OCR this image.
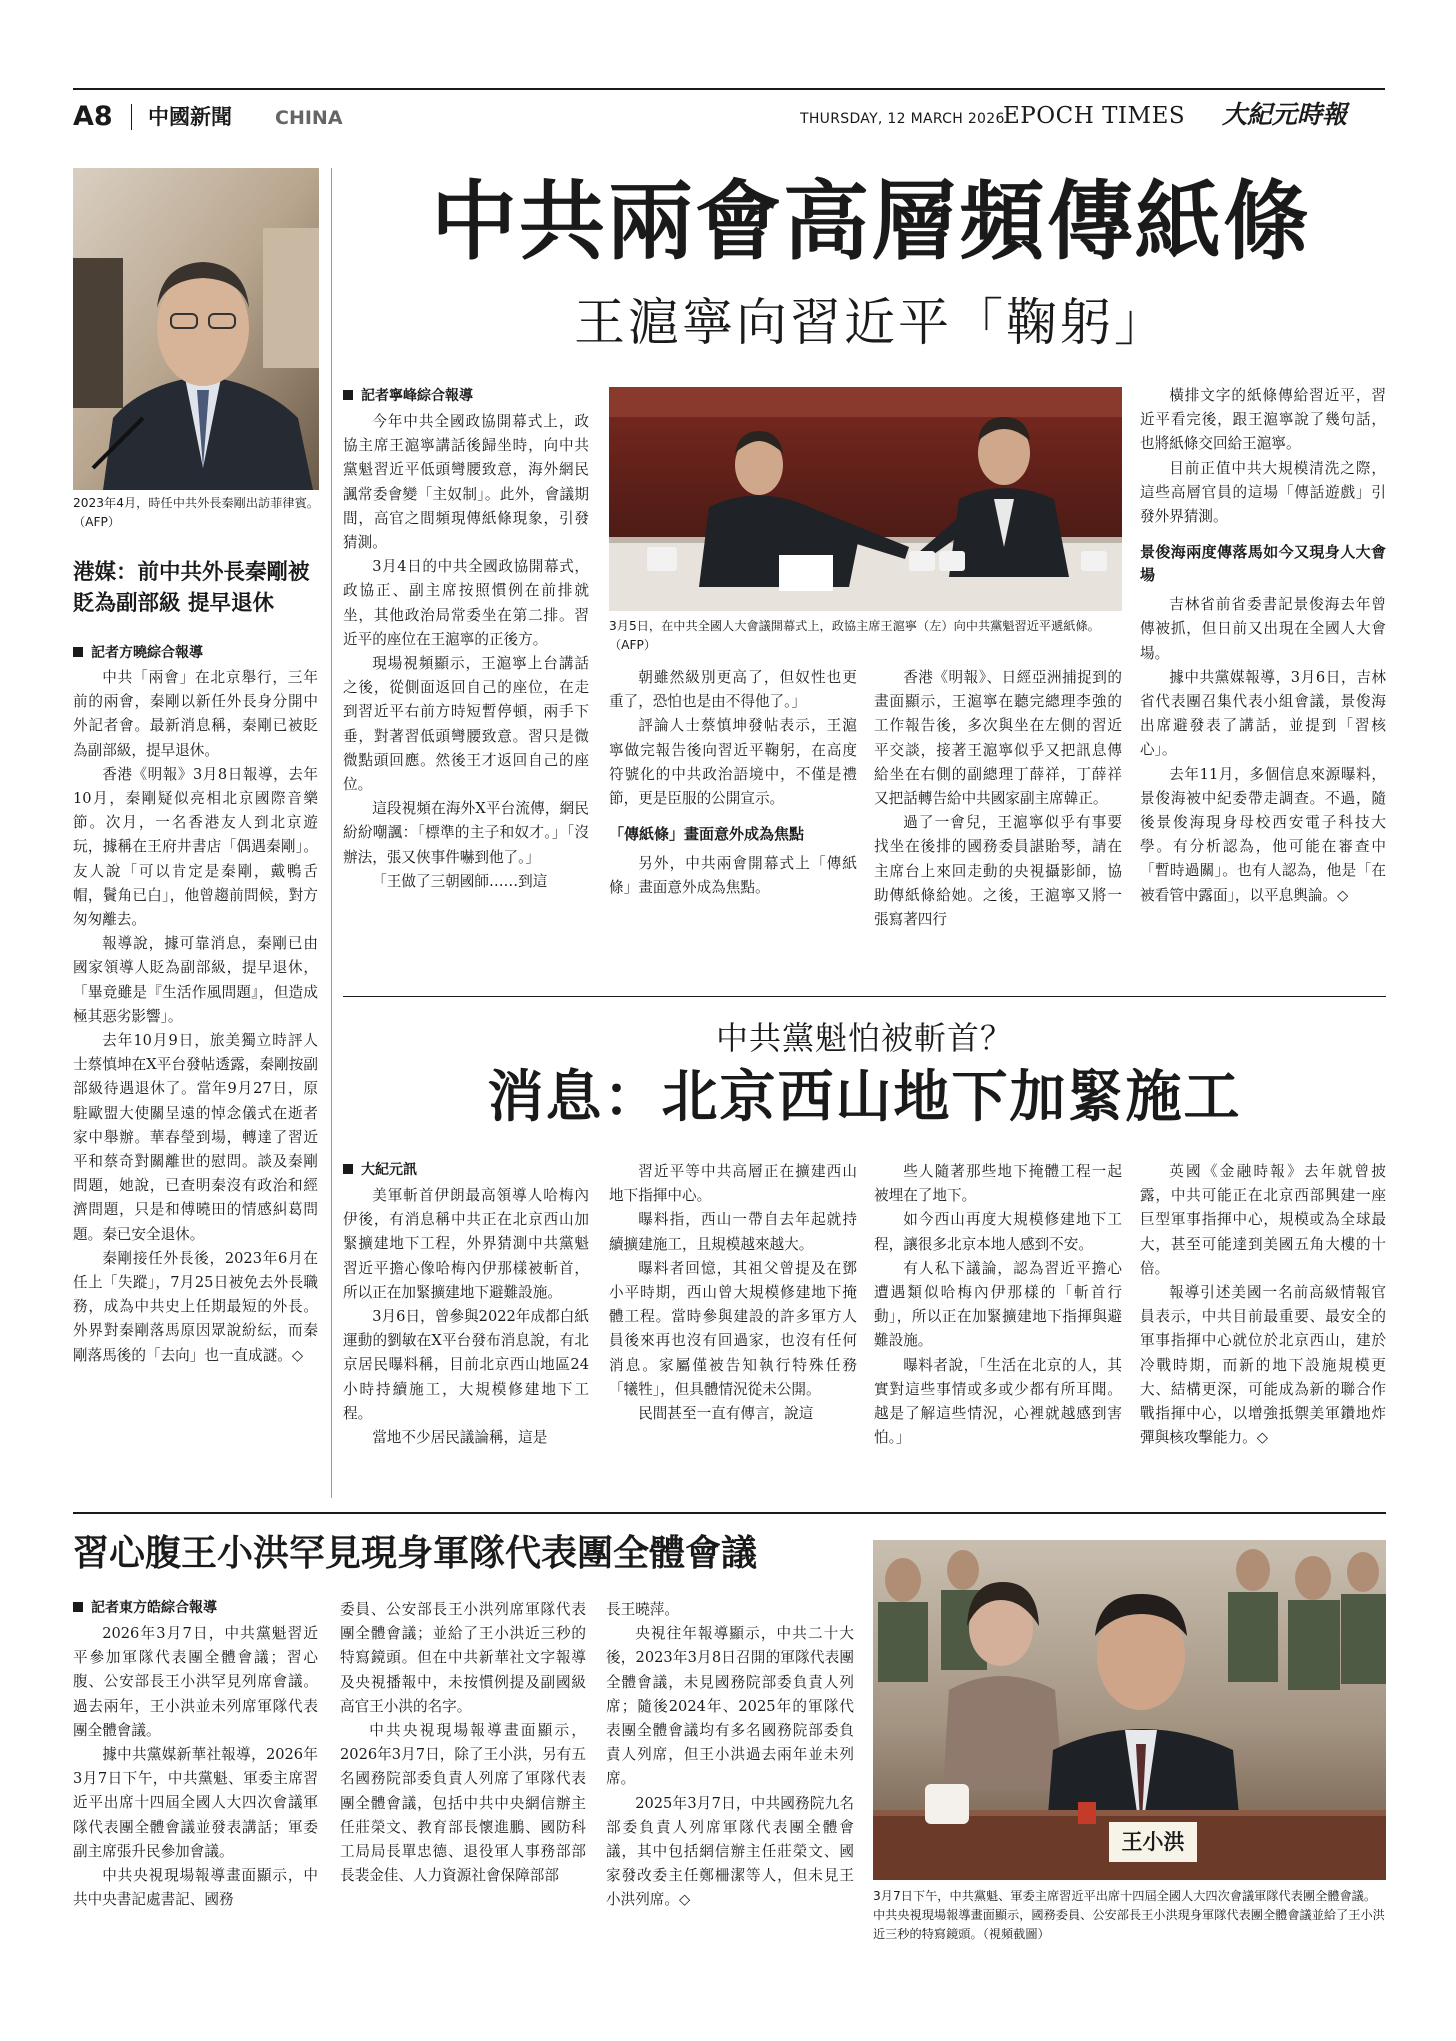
A8 中國新聞 CHINA	THURSDAY, 12 MARCH 2026
EPOCH TIMES 大紀元時報
2023年4月，時任中共外長秦剛出訪菲律賓。（AFP）
港媒：前中共外長秦剛被貶為副部級 提早退休
記者方曉綜合報導

中共「兩會」在北京舉行，三年前的兩會，秦剛以新任外長身分開中外記者會。最新消息稱，秦剛已被貶為副部級，提早退休。

香港《明報》3月8日報導，去年10月，秦剛疑似亮相北京國際音樂節。次月，一名香港友人到北京遊玩，據稱在王府井書店「偶遇秦剛」。友人說「可以肯定是秦剛，戴鴨舌帽，鬢角已白」，他曾趨前問候，對方匆匆離去。

報導說，據可靠消息，秦剛已由國家領導人貶為副部級，提早退休，「畢竟雖是『生活作風問題』，但造成極其惡劣影響」。

去年10月9日，旅美獨立時評人士蔡慎坤在X平台發帖透露，秦剛按副部級待遇退休了。當年9月27日，原駐歐盟大使關呈遠的悼念儀式在逝者家中舉辦。華春瑩到場，轉達了習近平和蔡奇對關離世的慰問。談及秦剛問題，她說，已查明秦沒有政治和經濟問題，只是和傅曉田的情感糾葛問題。秦已安全退休。

秦剛接任外長後，2023年6月在任上「失蹤」，7月25日被免去外長職務，成為中共史上任期最短的外長。外界對秦剛落馬原因眾說紛紜，而秦剛落馬後的「去向」也一直成謎。◇

中共兩會高層頻傳紙條
王滬寧向習近平「鞠躬」
記者寧峰綜合報導

今年中共全國政協開幕式上，政協主席王滬寧講話後歸坐時，向中共黨魁習近平低頭彎腰致意，海外網民諷常委會變「主奴制」。此外，會議期間，高官之間頻現傳紙條現象，引發猜測。

3月4日的中共全國政協開幕式，政協正、副主席按照慣例在前排就坐，其他政治局常委坐在第二排。習近平的座位在王滬寧的正後方。

現場視頻顯示，王滬寧上台講話之後，從側面返回自己的座位，在走到習近平右前方時短暫停頓，兩手下垂，對著習低頭彎腰致意。習只是微微點頭回應。然後王才返回自己的座位。

這段視頻在海外X平台流傳，網民紛紛嘲諷：「標準的主子和奴才。」「沒辦法，張又俠事件嚇到他了。」

「王做了三朝國師……到這

3月5日，在中共全國人大會議開幕式上，政協主席王滬寧（左）向中共黨魁習近平遞紙條。（AFP）

朝雖然級別更高了，但奴性也更重了，恐怕也是由不得他了。」

評論人士蔡慎坤發帖表示，王滬寧做完報告後向習近平鞠躬，在高度符號化的中共政治語境中，不僅是禮節，更是臣服的公開宣示。

「傳紙條」畫面意外成為焦點

另外，中共兩會開幕式上「傳紙條」畫面意外成為焦點。

香港《明報》、日經亞洲捕捉到的畫面顯示，王滬寧在聽完總理李強的工作報告後，多次與坐在左側的習近平交談，接著王滬寧似乎又把訊息傳給坐在右側的副總理丁薛祥，丁薛祥又把話轉告給中共國家副主席韓正。

過了一會兒，王滬寧似乎有事要找坐在後排的國務委員諶貽琴，請在主席台上來回走動的央視攝影師，協助傳紙條給她。之後，王滬寧又將一張寫著四行

橫排文字的紙條傳給習近平，習近平看完後，跟王滬寧說了幾句話，也將紙條交回給王滬寧。

目前正值中共大規模清洗之際，這些高層官員的這場「傳話遊戲」引發外界猜測。

景俊海兩度傳落馬如今又現身人大會場

吉林省前省委書記景俊海去年曾傳被抓，但日前又出現在全國人大會場。

據中共黨媒報導，3月6日，吉林省代表團召集代表小組會議，景俊海出席避發表了講話，並提到「習核心」。

去年11月，多個信息來源曝料，景俊海被中紀委帶走調查。不過，隨後景俊海現身母校西安電子科技大學。有分析認為，他可能在審查中「暫時過關」。也有人認為，他是「在被看管中露面」，以平息輿論。◇

中共黨魁怕被斬首？
消息：北京西山地下加緊施工
大紀元訊

美軍斬首伊朗最高領導人哈梅內伊後，有消息稱中共正在北京西山加緊擴建地下工程，外界猜測中共黨魁習近平擔心像哈梅內伊那樣被斬首，所以正在加緊擴建地下避難設施。

3月6日，曾參與2022年成都白紙運動的劉敏在X平台發布消息說，有北京居民曝料稱，目前北京西山地區24小時持續施工，大規模修建地下工程。

當地不少居民議論稱，這是

習近平等中共高層正在擴建西山地下指揮中心。

曝料指，西山一帶自去年起就持續擴建施工，且規模越來越大。

曝料者回憶，其祖父曾提及在鄧小平時期，西山曾大規模修建地下掩體工程。當時參與建設的許多軍方人員後來再也沒有回過家，也沒有任何消息。家屬僅被告知執行特殊任務「犧牲」，但具體情況從未公開。

民間甚至一直有傳言，說這

些人隨著那些地下掩體工程一起被埋在了地下。

如今西山再度大規模修建地下工程，讓很多北京本地人感到不安。

有人私下議論，認為習近平擔心遭遇類似哈梅內伊那樣的「斬首行動」，所以正在加緊擴建地下指揮與避難設施。

曝料者說，「生活在北京的人，其實對這些事情或多或少都有所耳聞。越是了解這些情況，心裡就越感到害怕。」

英國《金融時報》去年就曾披露，中共可能正在北京西部興建一座巨型軍事指揮中心，規模或為全球最大，甚至可能達到美國五角大樓的十倍。

報導引述美國一名前高級情報官員表示，中共目前最重要、最安全的軍事指揮中心就位於北京西山，建於冷戰時期，而新的地下設施規模更大、結構更深，可能成為新的聯合作戰指揮中心，以增強抵禦美軍鑽地炸彈與核攻擊能力。◇

習心腹王小洪罕見現身軍隊代表團全體會議
記者東方皓綜合報導

2026年3月7日，中共黨魁習近平參加軍隊代表團全體會議；習心腹、公安部長王小洪罕見列席會議。過去兩年，王小洪並未列席軍隊代表團全體會議。

據中共黨媒新華社報導，2026年3月7日下午，中共黨魁、軍委主席習近平出席十四屆全國人大四次會議軍隊代表團全體會議並發表講話；軍委副主席張升民參加會議。

中共央視現場報導畫面顯示，中共中央書記處書記、國務

委員、公安部長王小洪列席軍隊代表團全體會議；並給了王小洪近三秒的特寫鏡頭。但在中共新華社文字報導及央視播報中，未按慣例提及副國級高官王小洪的名字。

中共央視現場報導畫面顯示，2026年3月7日，除了王小洪，另有五名國務院部委負責人列席了軍隊代表團全體會議，包括中共中央網信辦主任莊榮文、教育部長懷進鵬、國防科工局局長單忠德、退役軍人事務部部長裴金佳、人力資源社會保障部部

長王曉萍。

央視往年報導顯示，中共二十大後，2023年3月8日召開的軍隊代表團全體會議，未見國務院部委負責人列席；隨後2024年、2025年的軍隊代表團全體會議均有多名國務院部委負責人列席，但王小洪過去兩年並未列席。

2025年3月7日，中共國務院九名部委負責人列席軍隊代表團全體會議，其中包括網信辦主任莊榮文、國家發改委主任鄭柵潔等人，但未見王小洪列席。◇

王小洪
3月7日下午，中共黨魁、軍委主席習近平出席十四屆全國人大四次會議軍隊代表團全體會議。中共央視現場報導畫面顯示，國務委員、公安部長王小洪現身軍隊代表團全體會議並給了王小洪近三秒的特寫鏡頭。（視頻截圖）
